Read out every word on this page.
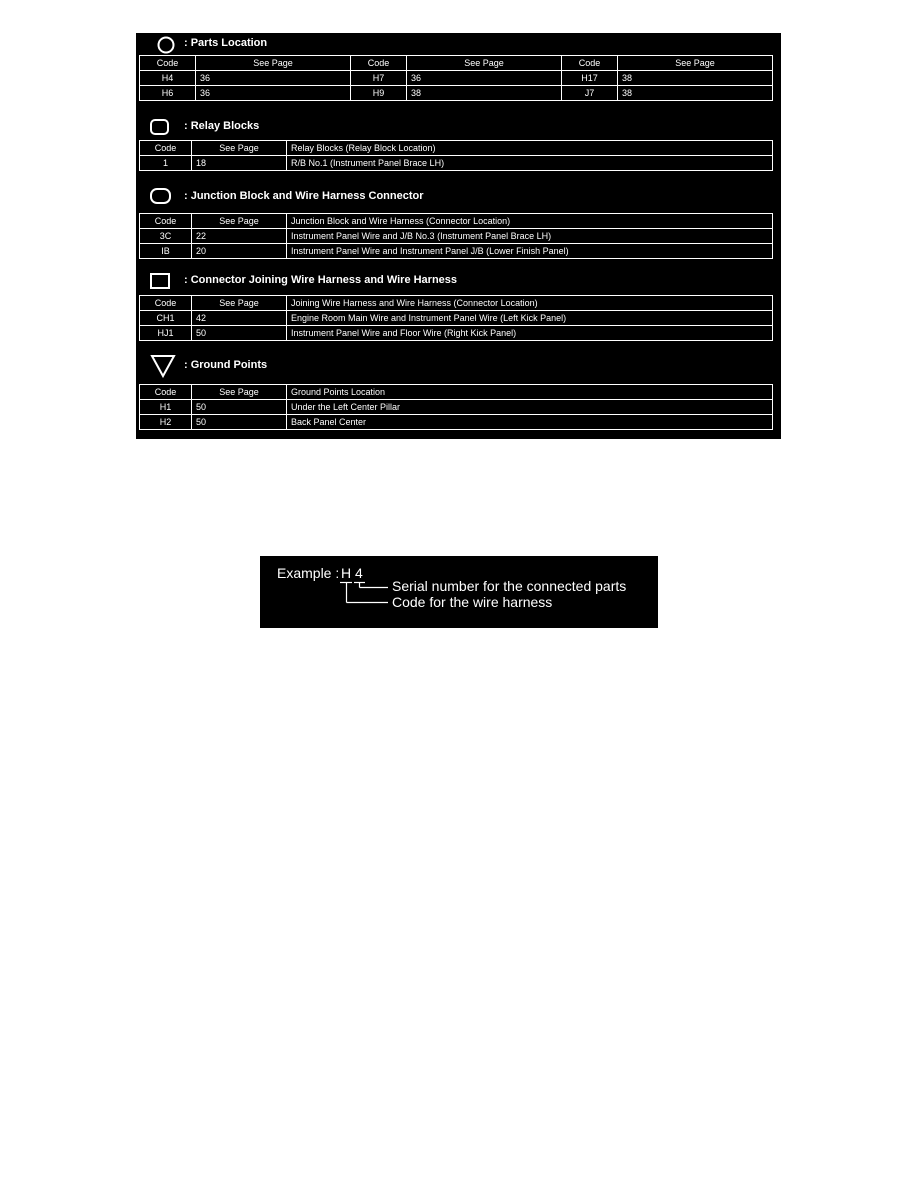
: Parts Location
Code	See Page	Code	See Page	Code	See Page
H4	36	H7	36	H17	38
H6	36	H9	38	J7	38
: Relay Blocks
Code	See Page	Relay Blocks (Relay Block Location)
1	18	R/B No.1 (Instrument Panel Brace LH)
: Junction Block and Wire Harness Connector
Code	See Page	Junction Block and Wire Harness (Connector Location)
3C	22	Instrument Panel Wire and J/B No.3 (Instrument Panel Brace LH)
IB	20	Instrument Panel Wire and Instrument Panel J/B (Lower Finish Panel)
: Connector Joining Wire Harness and Wire Harness
Code	See Page	Joining Wire Harness and Wire Harness (Connector Location)
CH1	42	Engine Room Main Wire and Instrument Panel Wire (Left Kick Panel)
HJ1	50	Instrument Panel Wire and Floor Wire (Right Kick Panel)
: Ground Points
Code	See Page	Ground Points Location
H1	50	Under the Left Center Pillar
H2	50	Back Panel Center
Example : H 4
Serial number for the connected parts
Code for the wire harness
